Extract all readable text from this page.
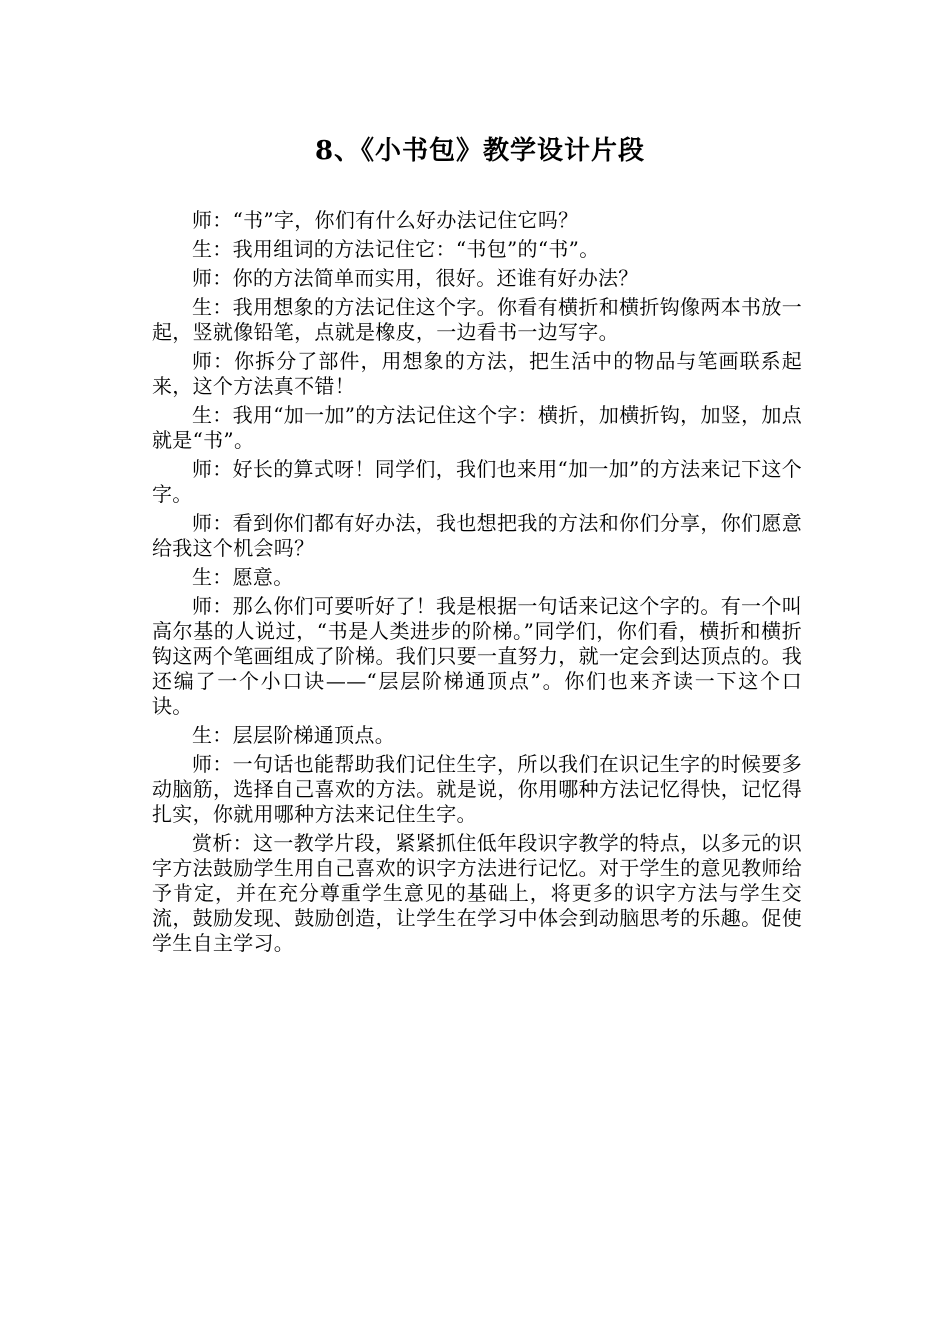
8、《小书包》教学设计片段

师：“书”字，你们有什么好办法记住它吗？

生：我用组词的方法记住它：“书包”的“书”。

师：你的方法简单而实用，很好。还谁有好办法？

生：我用想象的方法记住这个字。你看有横折和横折钩像两本书放一起，竖就像铅笔，点就是橡皮，一边看书一边写字。

师：你拆分了部件，用想象的方法，把生活中的物品与笔画联系起来，这个方法真不错！

生：我用“加一加”的方法记住这个字：横折，加横折钩，加竖，加点就是“书”。

师：好长的算式呀！同学们，我们也来用“加一加”的方法来记下这个字。

师：看到你们都有好办法，我也想把我的方法和你们分享，你们愿意给我这个机会吗？

生：愿意。

师：那么你们可要听好了！我是根据一句话来记这个字的。有一个叫高尔基的人说过，“书是人类进步的阶梯。”同学们，你们看，横折和横折钩这两个笔画组成了阶梯。我们只要一直努力，就一定会到达顶点的。我还编了一个小口诀——“层层阶梯通顶点”。你们也来齐读一下这个口诀。

生：层层阶梯通顶点。

师：一句话也能帮助我们记住生字，所以我们在识记生字的时候要多动脑筋，选择自己喜欢的方法。就是说，你用哪种方法记忆得快，记忆得扎实，你就用哪种方法来记住生字。

赏析：这一教学片段，紧紧抓住低年段识字教学的特点，以多元的识字方法鼓励学生用自己喜欢的识字方法进行记忆。对于学生的意见教师给予肯定，并在充分尊重学生意见的基础上，将更多的识字方法与学生交流，鼓励发现、鼓励创造，让学生在学习中体会到动脑思考的乐趣。促使学生自主学习。
